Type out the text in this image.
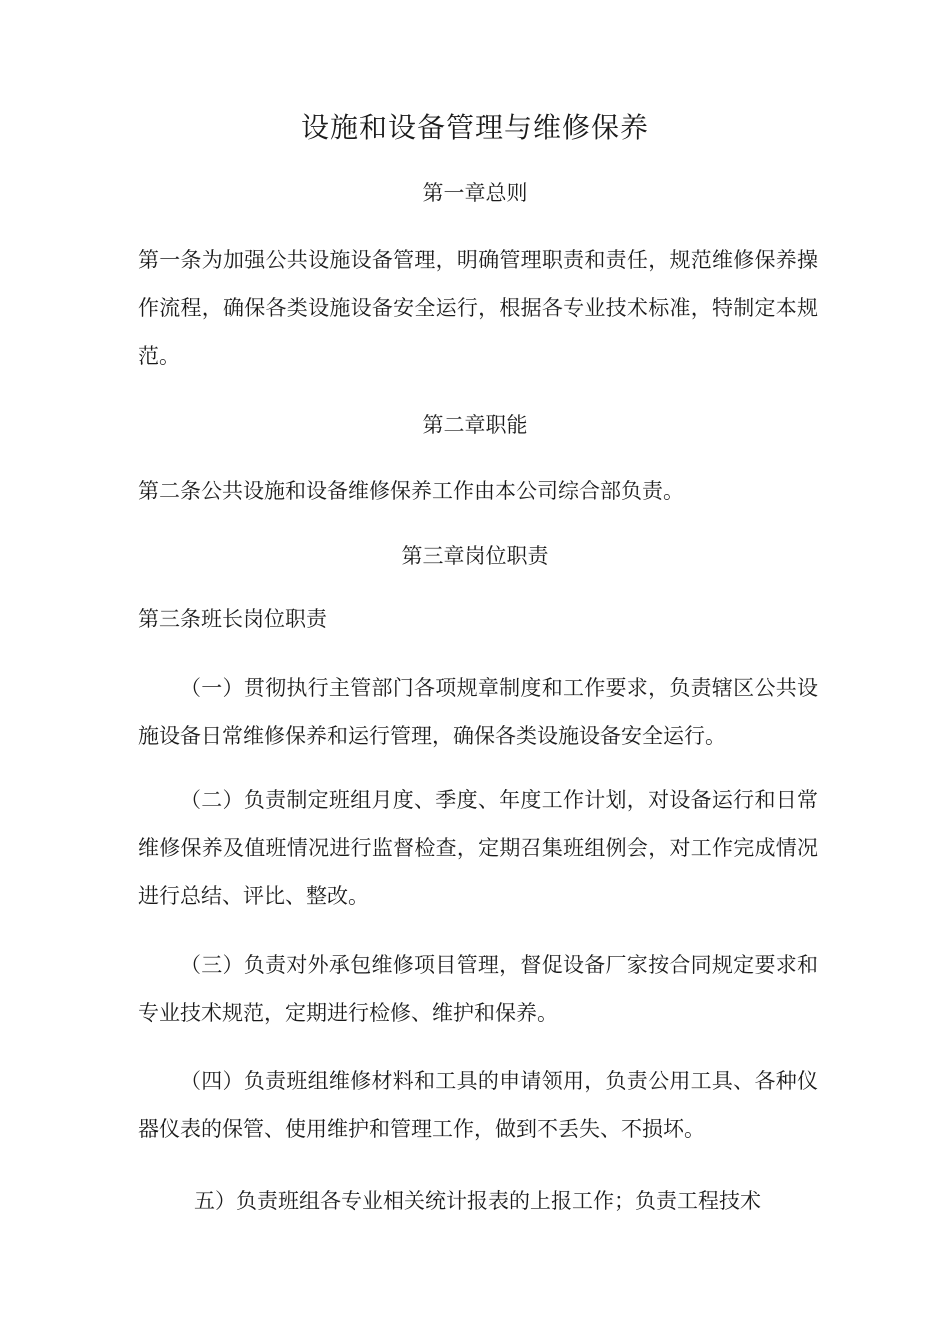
设施和设备管理与维修保养
第一章总则

第一条为加强公共设施设备管理，明确管理职责和责任，规范维修保养操作流程，确保各类设施设备安全运行，根据各专业技术标准，特制定本规范。

第二章职能

第二条公共设施和设备维修保养工作由本公司综合部负责。

第三章岗位职责

第三条班长岗位职责

（一）贯彻执行主管部门各项规章制度和工作要求，负责辖区公共设施设备日常维修保养和运行管理，确保各类设施设备安全运行。

（二）负责制定班组月度、季度、年度工作计划，对设备运行和日常维修保养及值班情况进行监督检查，定期召集班组例会，对工作完成情况进行总结、评比、整改。

（三）负责对外承包维修项目管理，督促设备厂家按合同规定要求和专业技术规范，定期进行检修、维护和保养。

（四）负责班组维修材料和工具的申请领用，负责公用工具、各种仪器仪表的保管、使用维护和管理工作，做到不丢失、不损坏。

五）负责班组各专业相关统计报表的上报工作；负责工程技术
